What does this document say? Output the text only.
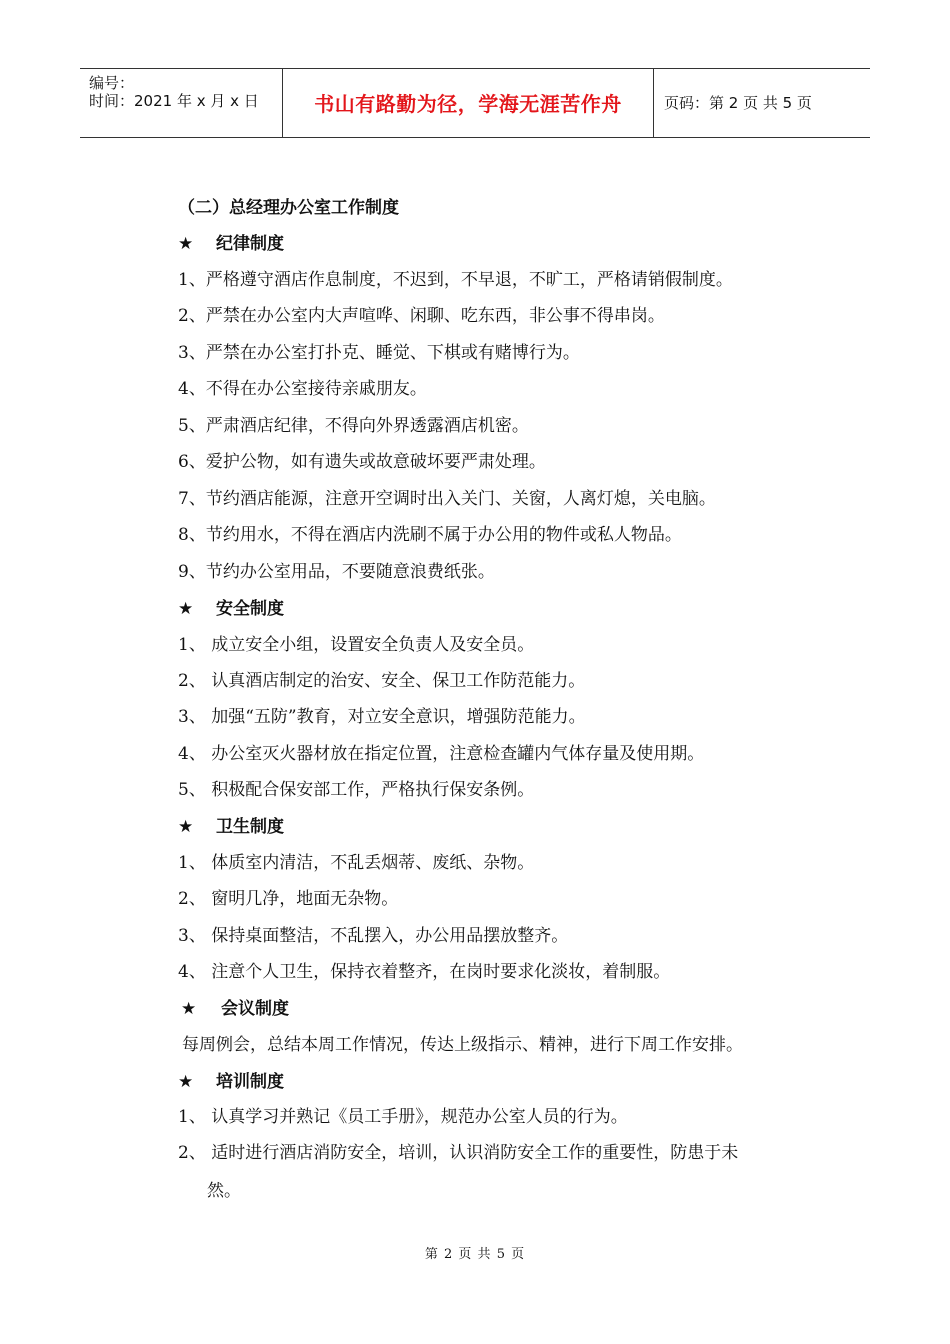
编号：
时间：2021 年 x 月 x 日	书山有路勤为径，学海无涯苦作舟	页码：第 2 页 共 5 页
（二）总经理办公室工作制度
★ 纪律制度
1、严格遵守酒店作息制度，不迟到，不早退，不旷工，严格请销假制度。
2、严禁在办公室内大声喧哗、闲聊、吃东西，非公事不得串岗。
3、严禁在办公室打扑克、睡觉、下棋或有赌博行为。
4、不得在办公室接待亲戚朋友。
5、严肃酒店纪律，不得向外界透露酒店机密。
6、爱护公物，如有遗失或故意破坏要严肃处理。
7、节约酒店能源，注意开空调时出入关门、关窗，人离灯熄，关电脑。
8、节约用水，不得在酒店内洗刷不属于办公用的物件或私人物品。
9、节约办公室用品，不要随意浪费纸张。
★ 安全制度
1、 成立安全小组，设置安全负责人及安全员。
2、 认真酒店制定的治安、安全、保卫工作防范能力。
3、 加强“五防”教育，对立安全意识，增强防范能力。
4、 办公室灭火器材放在指定位置，注意检查罐内气体存量及使用期。
5、 积极配合保安部工作，严格执行保安条例。
★ 卫生制度
1、 体质室内清洁，不乱丢烟蒂、废纸、杂物。
2、 窗明几净，地面无杂物。
3、 保持桌面整洁，不乱摆入，办公用品摆放整齐。
4、 注意个人卫生，保持衣着整齐，在岗时要求化淡妆，着制服。
★ 会议制度
每周例会，总结本周工作情况，传达上级指示、精神，进行下周工作安排。
★ 培训制度
1、 认真学习并熟记《员工手册》，规范办公室人员的行为。
2、 适时进行酒店消防安全，培训，认识消防安全工作的重要性，防患于未
然。
第 2 页 共 5 页
